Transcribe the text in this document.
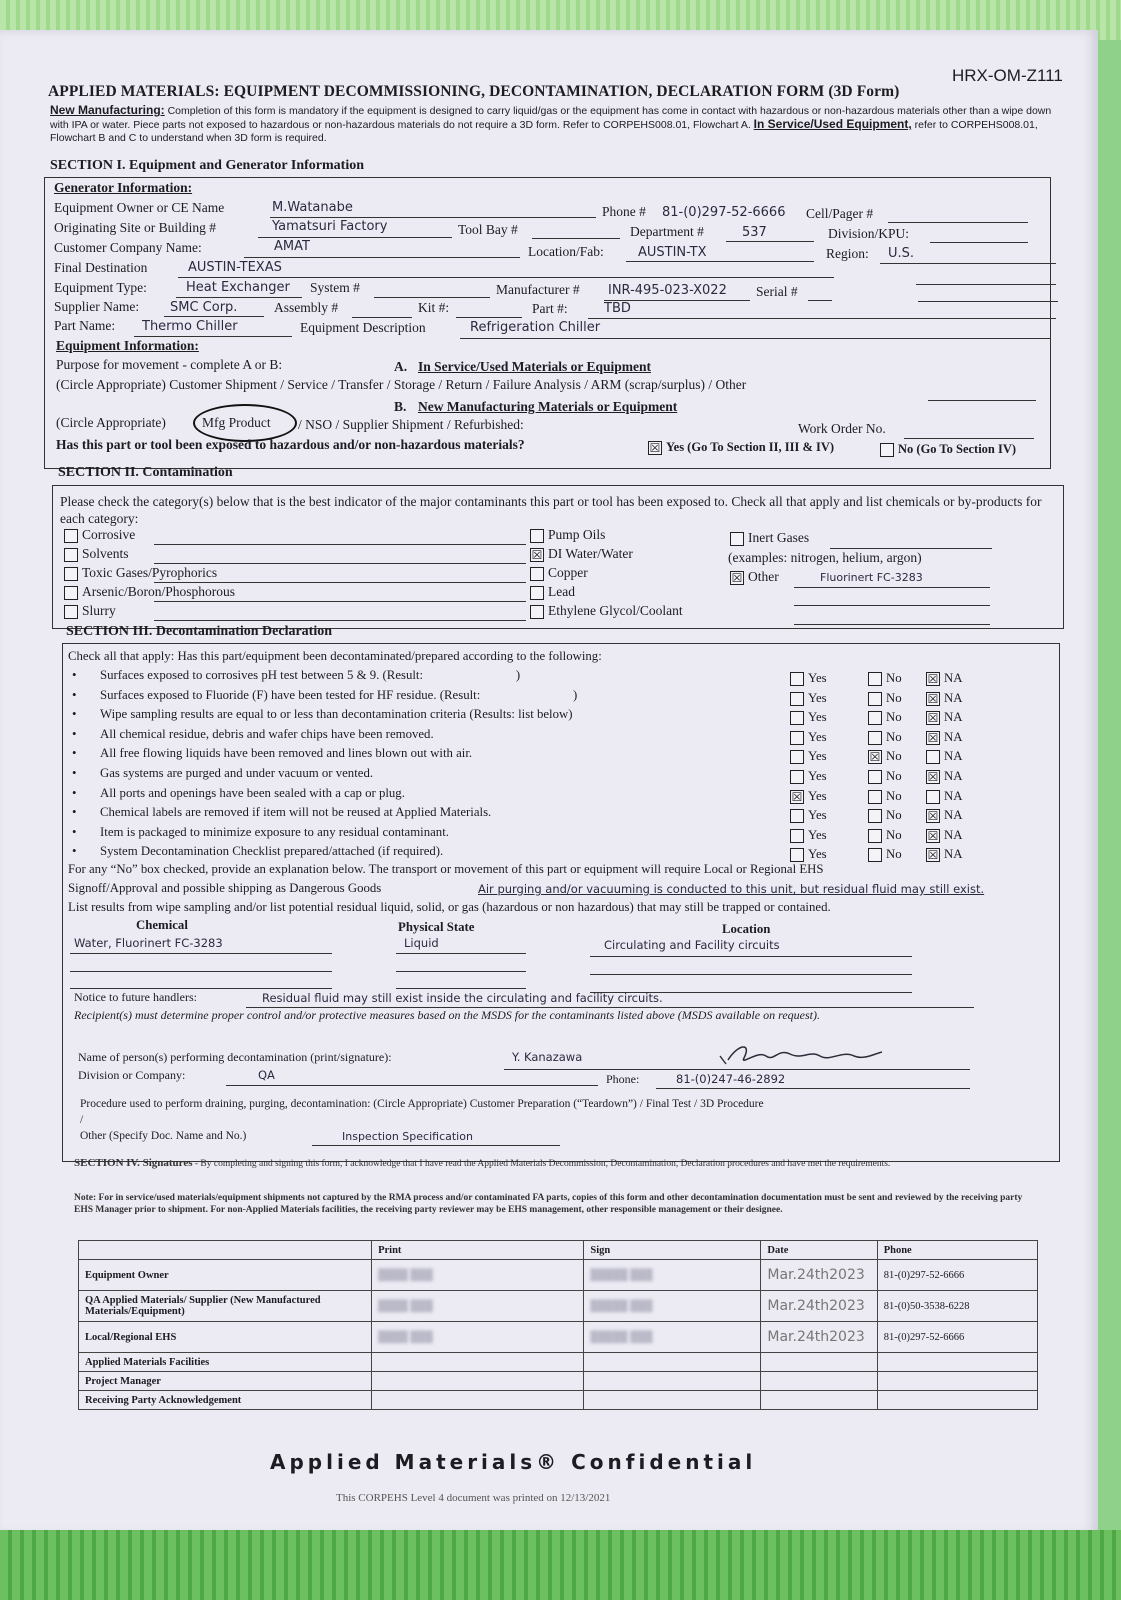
HRX-OM-Z111
APPLIED MATERIALS: EQUIPMENT DECOMMISSIONING, DECONTAMINATION, DECLARATION FORM (3D Form)
New Manufacturing: Completion of this form is mandatory if the equipment is designed to carry liquid/gas or the equipment has come in contact with hazardous or non-hazardous materials other than a wipe down with IPA or water. Piece parts not exposed to hazardous or non-hazardous materials do not require a 3D form. Refer to CORPEHS008.01, Flowchart A. In Service/Used Equipment, refer to CORPEHS008.01, Flowchart B and C to understand when 3D form is required.
SECTION I. Equipment and Generator Information
Generator Information:
Equipment Owner or CE Name	M.Watanabe	Phone # 81-(0)297-52-6666 Cell/Pager #
Originating Site or Building #	Yamatsuri Factory	Tool Bay #	Department #	537	Division/KPU:
Customer Company Name:	AMAT	Location/Fab:	AUSTIN-TX	Region: U.S.
Final Destination	AUSTIN-TEXAS
Equipment Type:	Heat Exchanger System #	Manufacturer # INR-495-023-X022 Serial #
Supplier Name: SMC Corp.	Assembly #	Kit #:	Part #:	TBD
Part Name: Thermo Chiller	Equipment Description	Refrigeration Chiller
Equipment Information:
Purpose for movement - complete A or B:	A. In Service/Used Materials or Equipment
(Circle Appropriate) Customer Shipment / Service / Transfer / Storage / Return / Failure Analysis / ARM (scrap/surplus) / Other
B. New Manufacturing Materials or Equipment
(Circle Appropriate)	Mfg Product / NSO / Supplier Shipment / Refurbished:	Work Order No.
Has this part or tool been exposed to hazardous and/or non-hazardous materials?	☒ Yes (Go To Section II, III & IV)	No (Go To Section IV)
SECTION II. Contamination
Please check the category(s) below that is the best indicator of the major contaminants this part or tool has been exposed to. Check all that apply and list chemicals or by-products for each category:
Corrosive
Solvents
Toxic Gases/Pyrophorics
Arsenic/Boron/Phosphorous
Slurry
Pump Oils
☒ DI Water/Water
Copper
Lead
Ethylene Glycol/Coolant
Inert Gases
(examples: nitrogen, helium, argon)
☒ Other	Fluorinert FC-3283
SECTION III. Decontamination Declaration
Check all that apply: Has this part/equipment been decontaminated/prepared according to the following:
• Surfaces exposed to corrosives pH test between 5 & 9. (Result:                             )	Yes	No ☒ NA
• Surfaces exposed to Fluoride (F) have been tested for HF residue. (Result:                             )	Yes	No ☒ NA
• Wipe sampling results are equal to or less than decontamination criteria (Results: list below)	Yes	No ☒ NA
• All chemical residue, debris and wafer chips have been removed.	Yes	No ☒ NA
• All free flowing liquids have been removed and lines blown out with air.	Yes	☒ No	NA
• Gas systems are purged and under vacuum or vented.	Yes	No ☒ NA
• All ports and openings have been sealed with a cap or plug.	☒ Yes	No	NA
• Chemical labels are removed if item will not be reused at Applied Materials.	Yes	No ☒ NA
• Item is packaged to minimize exposure to any residual contaminant.	Yes	No ☒ NA
• System Decontamination Checklist prepared/attached (if required).	Yes	No ☒ NA
For any “No” box checked, provide an explanation below. The transport or movement of this part or equipment will require Local or Regional EHS
Signoff/Approval and possible shipping as Dangerous Goods	Air purging and/or vacuuming is conducted to this unit, but residual fluid may still exist.
List results from wipe sampling and/or list potential residual liquid, solid, or gas (hazardous or non hazardous) that may still be trapped or contained.
Chemical	Physical State	Location
Water, Fluorinert FC-3283	Liquid	Circulating and Facility circuits
Notice to future handlers:	Residual fluid may still exist inside the circulating and facility circuits.
Recipient(s) must determine proper control and/or protective measures based on the MSDS for the contaminants listed above (MSDS available on request).
Name of person(s) performing decontamination (print/signature):	Y. Kanazawa
Division or Company:	QA	Phone:	81-(0)247-46-2892
Procedure used to perform draining, purging, decontamination: (Circle Appropriate) Customer Preparation (“Teardown”) / Final Test / 3D Procedure
/
Other (Specify Doc. Name and No.)	Inspection Specification
SECTION IV. Signatures - By completing and signing this form, I acknowledge that I have read the Applied Materials Decommission, Decontamination, Declaration procedures and have met the requirements.
Note: For in service/used materials/equipment shipments not captured by the RMA process and/or contaminated FA parts, copies of this form and other decontamination documentation must be sent and reviewed by the receiving party EHS Manager prior to shipment. For non-Applied Materials facilities, the receiving party reviewer may be EHS management, other responsible management or their designee.
	Print	Sign	Date	Phone
Equipment Owner	████ ███	█████ ███	Mar.24th2023	81-(0)297-52-6666
QA Applied Materials/ Supplier (New Manufactured Materials/Equipment)	████ ███	█████ ███	Mar.24th2023	81-(0)50-3538-6228
Local/Regional EHS	████ ███	█████ ███	Mar.24th2023	81-(0)297-52-6666
Applied Materials Facilities				
Project Manager				
Receiving Party Acknowledgement				
Applied Materials® Confidential
This CORPEHS Level 4 document was printed on 12/13/2021
